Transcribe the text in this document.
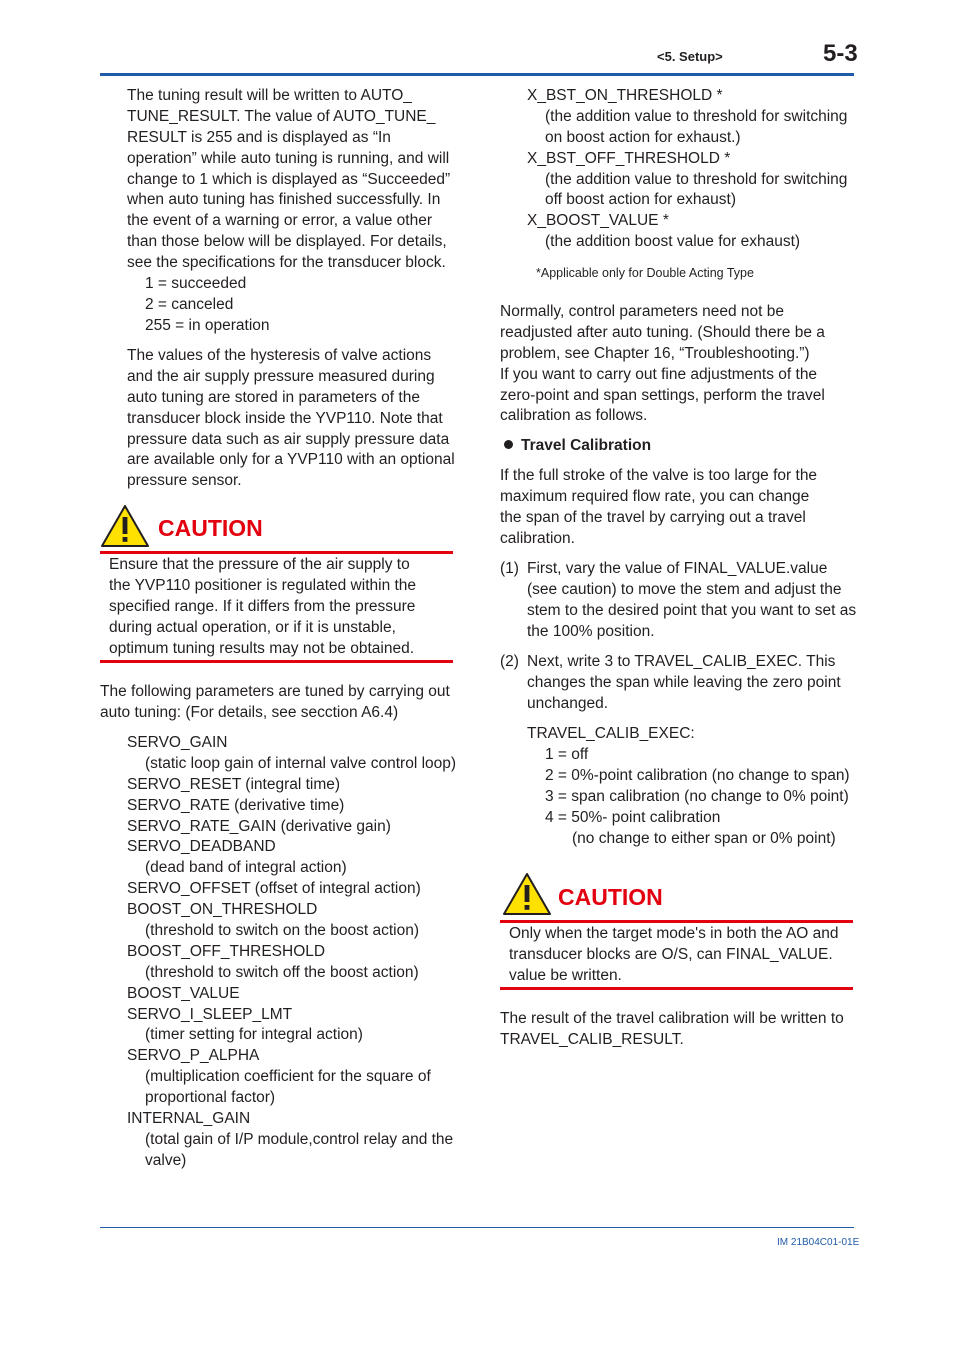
<5. Setup>	5-3
The tuning result will be written to AUTO_
TUNE_RESULT. The value of AUTO_TUNE_
RESULT is 255 and is displayed as “In
operation” while auto tuning is running, and will
change to 1 which is displayed as “Succeeded”
when auto tuning has finished successfully. In
the event of a warning or error, a value other
than those below will be displayed. For details,
see the specifications for the transducer block.
1 = succeeded
2 = canceled
255 = in operation
The values of the hysteresis of valve actions
and the air supply pressure measured during
auto tuning are stored in parameters of the
transducer block inside the YVP110. Note that
pressure data such as air supply pressure data
are available only for a YVP110 with an optional
pressure sensor.
CAUTION
Ensure that the pressure of the air supply to
the YVP110 positioner is regulated within the
specified range. If it differs from the pressure
during actual operation, or if it is unstable,
optimum tuning results may not be obtained.
The following parameters are tuned by carrying out
auto tuning: (For details, see secction A6.4)
SERVO_GAIN
(static loop gain of internal valve control loop)
SERVO_RESET (integral time)
SERVO_RATE (derivative time)
SERVO_RATE_GAIN (derivative gain)
SERVO_DEADBAND
(dead band of integral action)
SERVO_OFFSET (offset of integral action)
BOOST_ON_THRESHOLD
(threshold to switch on the boost action)
BOOST_OFF_THRESHOLD
(threshold to switch off the boost action)
BOOST_VALUE
SERVO_I_SLEEP_LMT
(timer setting for integral action)
SERVO_P_ALPHA
(multiplication coefficient for the square of
proportional factor)
INTERNAL_GAIN
(total gain of I/P module,control relay and the
valve)
X_BST_ON_THRESHOLD *
(the addition value to threshold for switching
on boost action for exhaust.)
X_BST_OFF_THRESHOLD *
(the addition value to threshold for switching
off boost action for exhaust)
X_BOOST_VALUE *
(the addition boost value for exhaust)
*Applicable only for Double Acting Type
Normally, control parameters need not be
readjusted after auto tuning. (Should there be a
problem, see Chapter 16, “Troubleshooting.”)
If you want to carry out fine adjustments of the
zero-point and span settings, perform the travel
calibration as follows.
Travel Calibration
If the full stroke of the valve is too large for the
maximum required flow rate, you can change
the span of the travel by carrying out a travel
calibration.
(1) First, vary the value of FINAL_VALUE.value
(see caution) to move the stem and adjust the
stem to the desired point that you want to set as
the 100% position.
(2) Next, write 3 to TRAVEL_CALIB_EXEC. This
changes the span while leaving the zero point
unchanged.
TRAVEL_CALIB_EXEC:
1 = off
2 = 0%-point calibration (no change to span)
3 = span calibration (no change to 0% point)
4 = 50%- point calibration
(no change to either span or 0% point)
CAUTION
Only when the target mode's in both the AO and
transducer blocks are O/S, can FINAL_VALUE.
value be written.
The result of the travel calibration will be written to
TRAVEL_CALIB_RESULT.
IM 21B04C01-01E
